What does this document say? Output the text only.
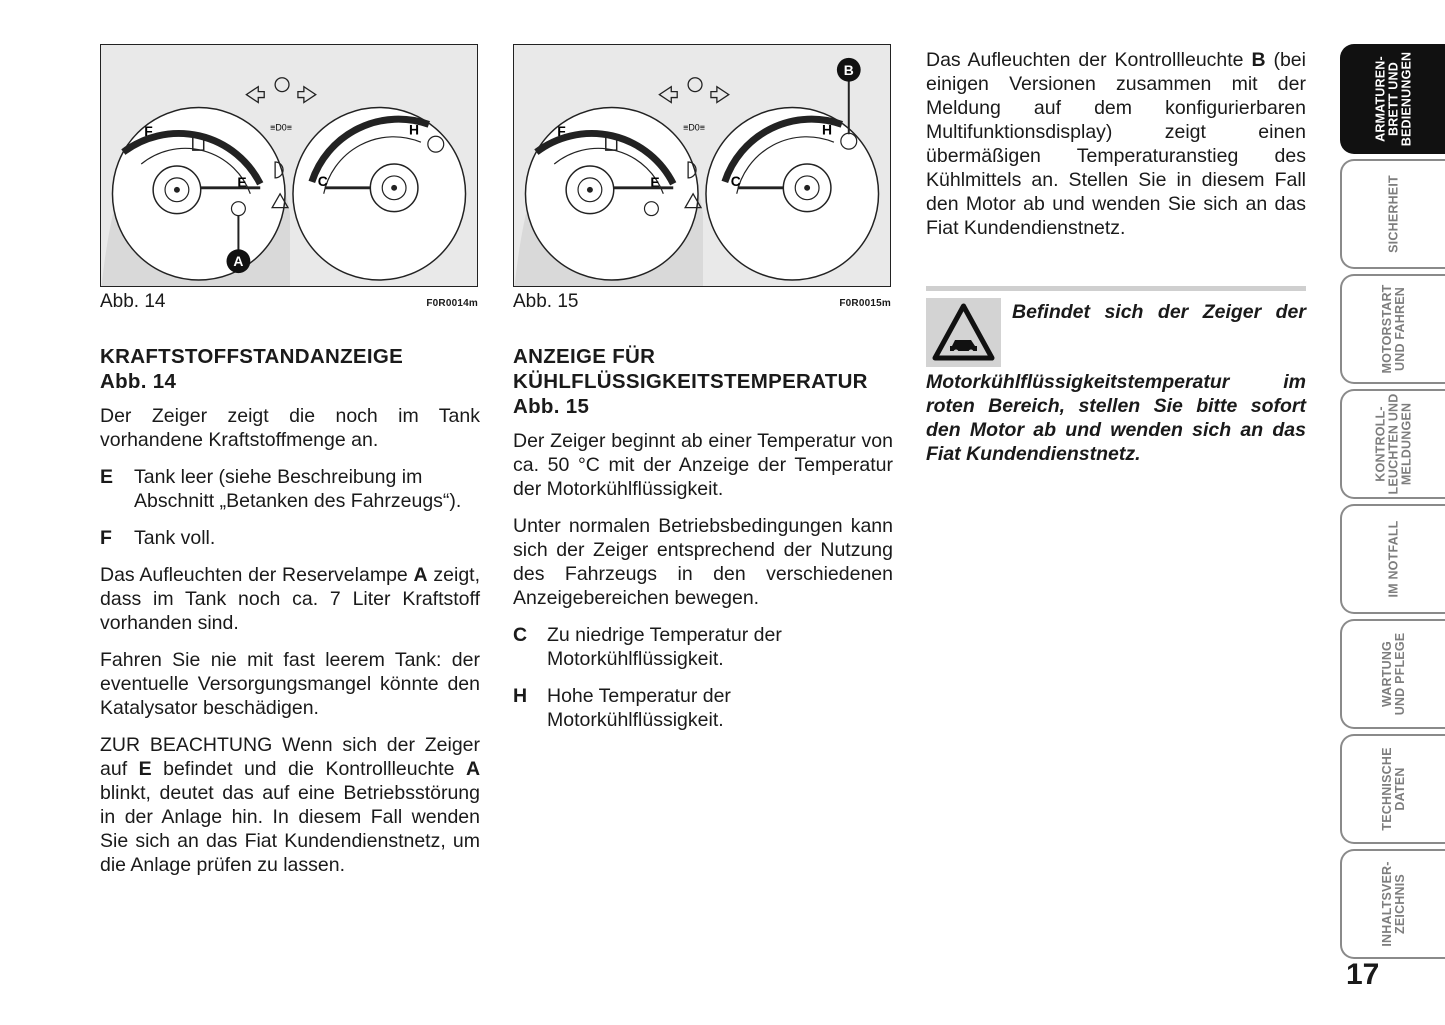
F
E	C
H
≡D0≡
A
Abb. 14	F0R0014m
KRAFTSTOFFSTANDANZEIGE
Abb. 14

Der Zeiger zeigt die noch im Tank vorhandene Kraftstoffmenge an.

E	Tank leer (siehe Beschreibung im Abschnitt „Betanken des Fahrzeugs“).
F	Tank voll.

Das Aufleuchten der Reservelampe A zeigt, dass im Tank noch ca. 7 Liter Kraftstoff vorhanden sind.

Fahren Sie nie mit fast leerem Tank: der eventuelle Versorgungsmangel könnte den Katalysator beschädigen.

ZUR BEACHTUNG Wenn sich der Zeiger auf E befindet und die Kontrollleuchte A blinkt, deutet das auf eine Betriebsstörung in der Anlage hin. In diesem Fall wenden Sie sich an das Fiat Kundendienstnetz, um die Anlage prüfen zu lassen.

F
E	C
H
≡D0≡
B
Abb. 15	F0R0015m
ANZEIGE FÜR
KÜHLFLÜSSIGKEITSTEMPERATUR
Abb. 15

Der Zeiger beginnt ab einer Temperatur von ca. 50 °C mit der Anzeige der Temperatur der Motorkühlflüssigkeit.

Unter normalen Betriebsbedingungen kann sich der Zeiger entsprechend der Nutzung des Fahrzeugs in den verschiedenen Anzeigebereichen bewegen.

C	Zu niedrige Temperatur der Motorkühlflüssigkeit.
H	Hohe Temperatur der Motorkühlflüssigkeit.

Das Aufleuchten der Kontrollleuchte B (bei einigen Versionen zusammen mit der Meldung auf dem konfigurierbaren Multifunktionsdisplay) zeigt einen übermäßigen Temperaturanstieg des Kühlmittels an. Stellen Sie in diesem Fall den Motor ab und wenden Sie sich an das Fiat Kundendienstnetz.

Befindet sich der Zeiger der Motorkühlflüssigkeitstemperatur im roten Bereich, stellen Sie bitte sofort den Motor ab und wenden sich an das Fiat Kundendienstnetz.
ARMATUREN-
BRETT UND
BEDIENUNGEN
SICHERHEIT
MOTORSTART
UND FAHREN
KONTROLL-
LEUCHTEN UND
MELDUNGEN
IM NOTFALL
WARTUNG
UND PFLEGE
TECHNISCHE
DATEN
INHALTSVER-
ZEICHNIS
17
